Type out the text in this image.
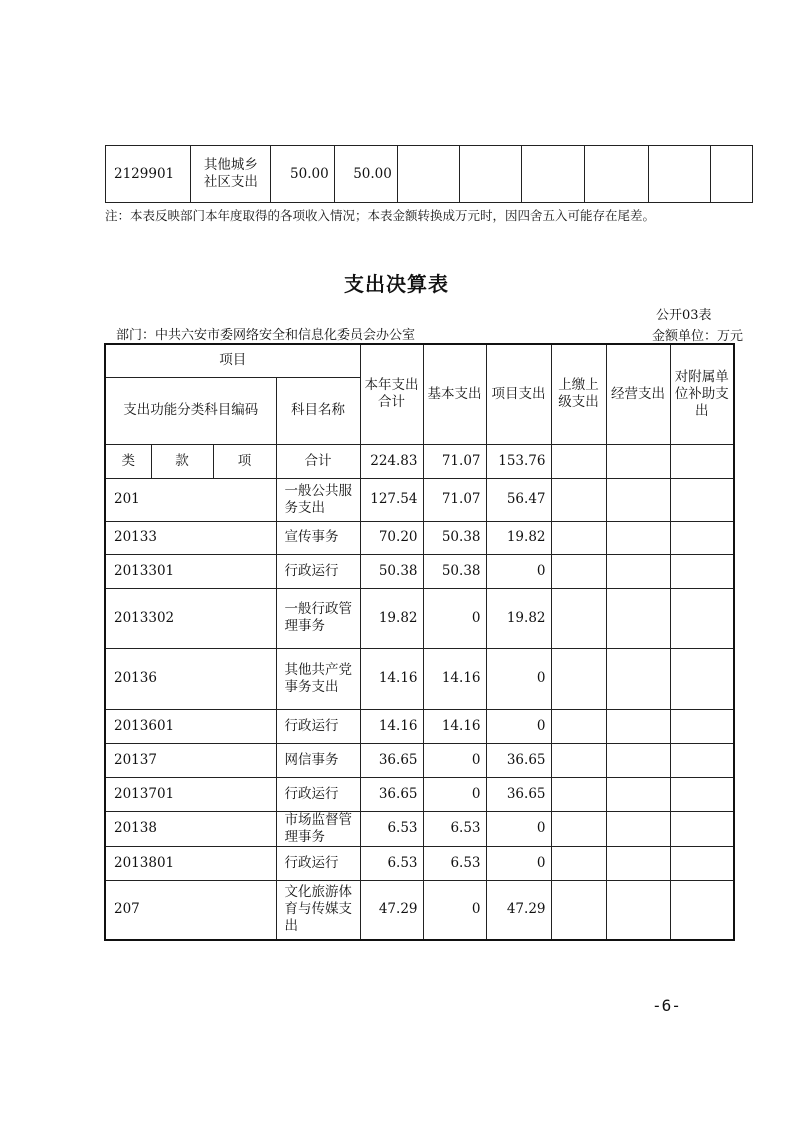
2129901	其他城乡社区支出	50.00	50.00						
注：本表反映部门本年度取得的各项收入情况；本表金额转换成万元时，因四舍五入可能存在尾差。
支出决算表
公开03表
部门：中共六安市委网络安全和信息化委员会办公室	金额单位：万元
项目				本年支出合计	基本支出	项目支出	上缴上级支出	经营支出	对附属单位补助支出
支出功能分类科目编码			科目名称						
类	款	项	合计	224.83	71.07	153.76			
201			一般公共服务支出	127.54	71.07	56.47			
20133			宣传事务	70.20	50.38	19.82			
2013301			行政运行	50.38	50.38	0			
2013302			一般行政管理事务	19.82	0	19.82			
20136			其他共产党事务支出	14.16	14.16	0			
2013601			行政运行	14.16	14.16	0			
20137			网信事务	36.65	0	36.65			
2013701			行政运行	36.65	0	36.65			
20138			市场监督管理事务	6.53	6.53	0			
2013801			行政运行	6.53	6.53	0			
207			文化旅游体育与传媒支出	47.29	0	47.29			
-6-
